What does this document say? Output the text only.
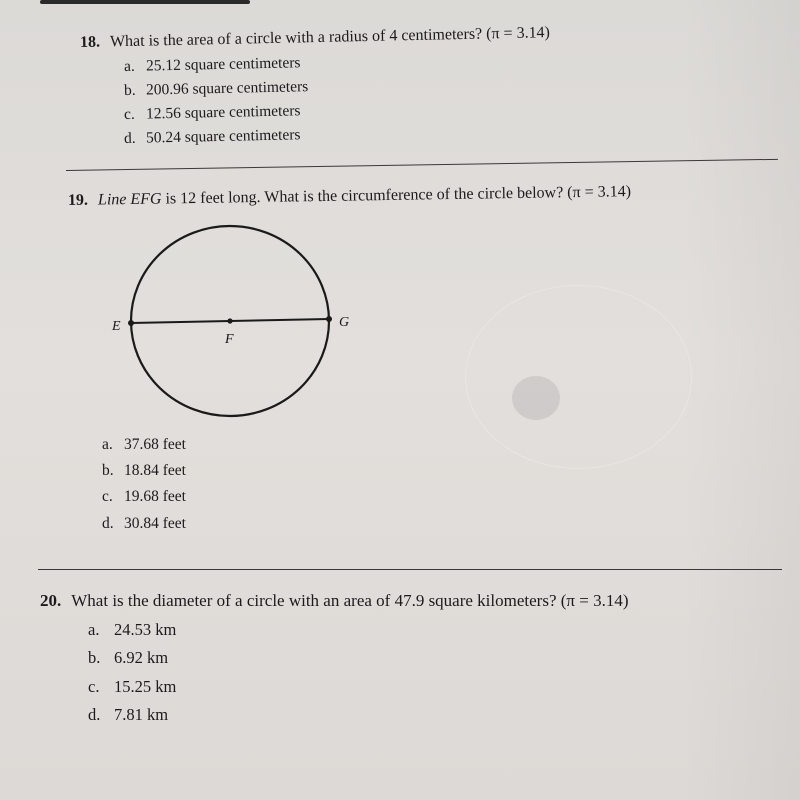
18. What is the area of a circle with a radius of 4 centimeters? (π = 3.14)
a. 25.12 square centimeters
b. 200.96 square centimeters
c. 12.56 square centimeters
d. 50.24 square centimeters
19. Line EFG is 12 feet long. What is the circumference of the circle below? (π = 3.14)
E
F
G
a. 37.68 feet
b. 18.84 feet
c. 19.68 feet
d. 30.84 feet
20. What is the diameter of a circle with an area of 47.9 square kilometers? (π = 3.14)
a. 24.53 km
b. 6.92 km
c. 15.25 km
d. 7.81 km
